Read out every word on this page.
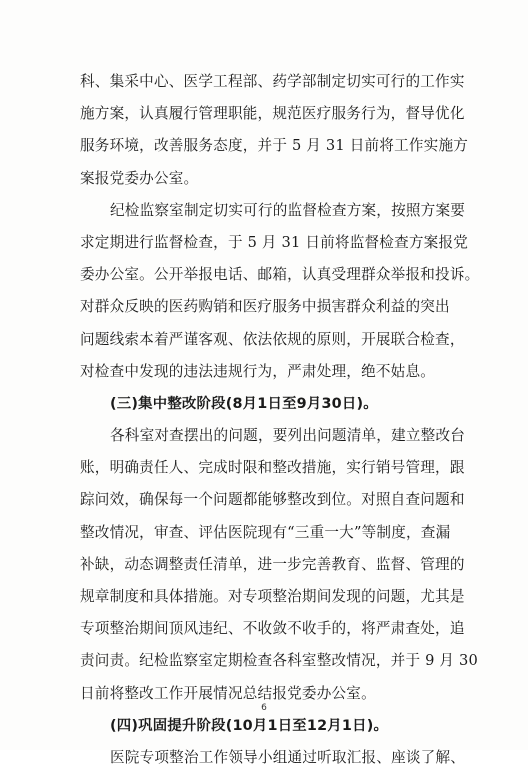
科、集采中心、医学工程部、药学部制定切实可行的工作实
施方案，认真履行管理职能，规范医疗服务行为，督导优化
服务环境，改善服务态度，并于 5 月 31 日前将工作实施方
案报党委办公室。
纪检监察室制定切实可行的监督检查方案，按照方案要
求定期进行监督检查，于 5 月 31 日前将监督检查方案报党
委办公室。公开举报电话、邮箱，认真受理群众举报和投诉。
对群众反映的医药购销和医疗服务中损害群众利益的突出
问题线索本着严谨客观、依法依规的原则，开展联合检查，
对检查中发现的违法违规行为，严肃处理，绝不姑息。
(三)集中整改阶段(8月1日至9月30日)。
各科室对查摆出的问题，要列出问题清单，建立整改台
账，明确责任人、完成时限和整改措施，实行销号管理，跟
踪问效，确保每一个问题都能够整改到位。对照自查问题和
整改情况，审查、评估医院现有“三重一大”等制度，查漏
补缺，动态调整责任清单，进一步完善教育、监督、管理的
规章制度和具体措施。对专项整治期间发现的问题，尤其是
专项整治期间顶风违纪、不收敛不收手的，将严肃查处，追
责问责。纪检监察室定期检查各科室整改情况，并于 9 月 30
日前将整改工作开展情况总结报党委办公室。
(四)巩固提升阶段(10月1日至12月1日)。
医院专项整治工作领导小组通过听取汇报、座谈了解、
6
